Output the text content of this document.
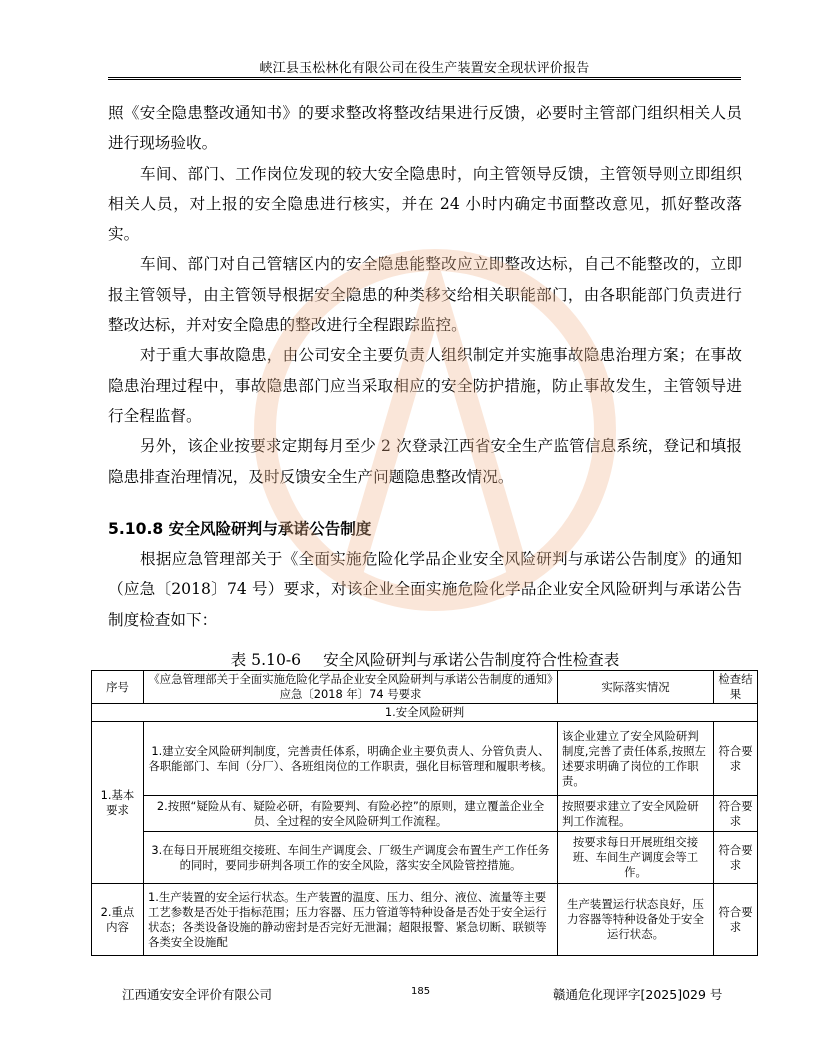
峡江县玉松林化有限公司在役生产装置安全现状评价报告

照《安全隐患整改通知书》的要求整改将整改结果进行反馈，必要时主管部门组织相关人员进行现场验收。

车间、部门、工作岗位发现的较大安全隐患时，向主管领导反馈，主管领导则立即组织相关人员，对上报的安全隐患进行核实，并在 24 小时内确定书面整改意见，抓好整改落实。

车间、部门对自己管辖区内的安全隐患能整改应立即整改达标，自己不能整改的，立即报主管领导，由主管领导根据安全隐患的种类移交给相关职能部门，由各职能部门负责进行整改达标，并对安全隐患的整改进行全程跟踪监控。

对于重大事故隐患，由公司安全主要负责人组织制定并实施事故隐患治理方案；在事故隐患治理过程中，事故隐患部门应当采取相应的安全防护措施，防止事故发生，主管领导进行全程监督。

另外，该企业按要求定期每月至少 2 次登录江西省安全生产监管信息系统，登记和填报隐患排查治理情况，及时反馈安全生产问题隐患整改情况。

5.10.8 安全风险研判与承诺公告制度

根据应急管理部关于《全面实施危险化学品企业安全风险研判与承诺公告制度》的通知（应急〔2018〕74 号）要求，对该企业全面实施危险化学品企业安全风险研判与承诺公告制度检查如下：

表 5.10-6 安全风险研判与承诺公告制度符合性检查表
序号	《应急管理部关于全面实施危险化学品企业安全风险研判与承诺公告制度的通知》应急〔2018 年〕74 号要求	实际落实情况	检查结果
1.安全风险研判			
1.基本要求	1.建立安全风险研判制度，完善责任体系，明确企业主要负责人、分管负责人、各职能部门、车间（分厂）、各班组岗位的工作职责，强化目标管理和履职考核。	该企业建立了安全风险研判制度,完善了责任体系,按照左述要求明确了岗位的工作职责。	符合要求
	2.按照“疑险从有、疑险必研，有险要判、有险必控”的原则，建立覆盖企业全员、全过程的安全风险研判工作流程。	按照要求建立了安全风险研判工作流程。	符合要求
	3.在每日开展班组交接班、车间生产调度会、厂级生产调度会布置生产工作任务的同时，要同步研判各项工作的安全风险，落实安全风险管控措施。	按要求每日开展班组交接班、车间生产调度会等工作。	符合要求
2.重点内容	1.生产装置的安全运行状态。生产装置的温度、压力、组分、液位、流量等主要工艺参数是否处于指标范围；压力容器、压力管道等特种设备是否处于安全运行状态；各类设备设施的静动密封是否完好无泄漏；超限报警、紧急切断、联锁等各类安全设施配	生产装置运行状态良好，压力容器等特种设备处于安全运行状态。	符合要求
江西通安安全评价有限公司	185	赣通危化现评字[2025]029 号
